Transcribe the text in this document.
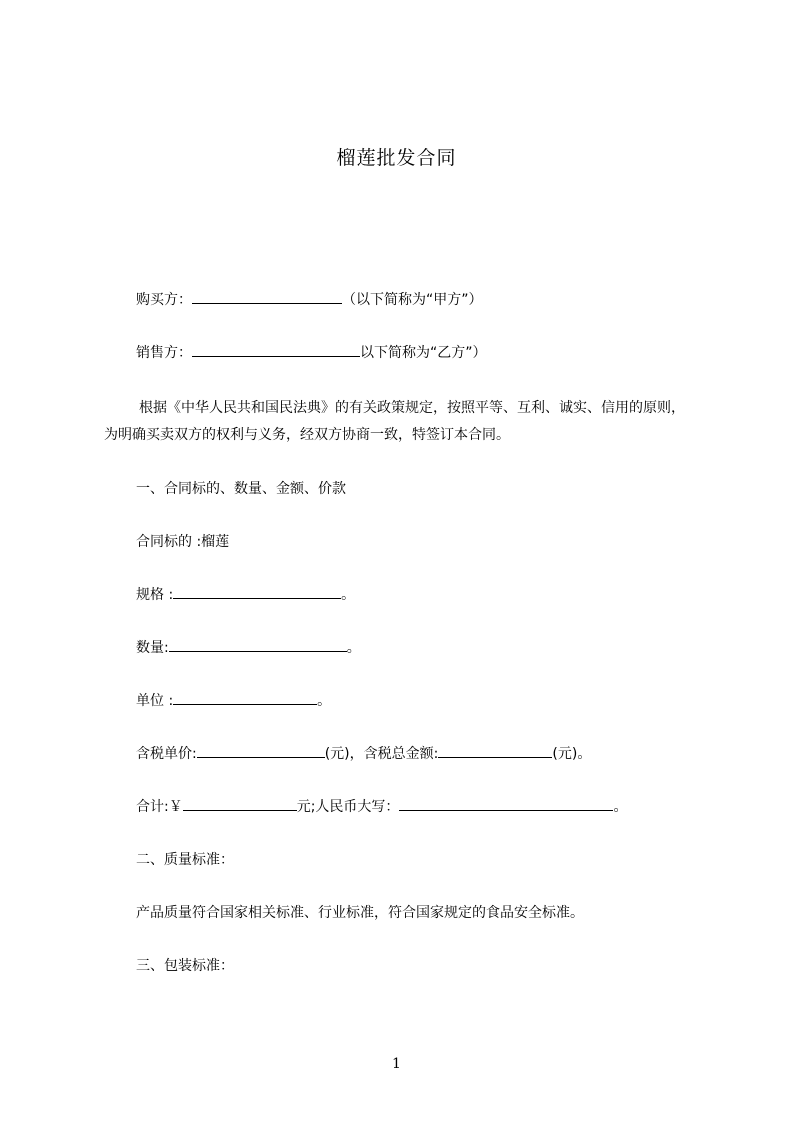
榴莲批发合同
购买方：	（以下简称为“甲方”）
销售方：	以下简称为“乙方”）
根据《中华人民共和国民法典》的有关政策规定，按照平等、互利、诚实、信用的原则，为明确买卖双方的权利与义务，经双方协商一致，特签订本合同。
一、合同标的、数量、金额、价款
合同标的 :榴莲
规格 :	。
数量:	。
单位 :	。
含税单价:	(元)，含税总金额:	(元)。
合计:￥	元;人民币大写：	。
二、质量标准：
产品质量符合国家相关标准、行业标准，符合国家规定的食品安全标准。
三、包装标准：
1
